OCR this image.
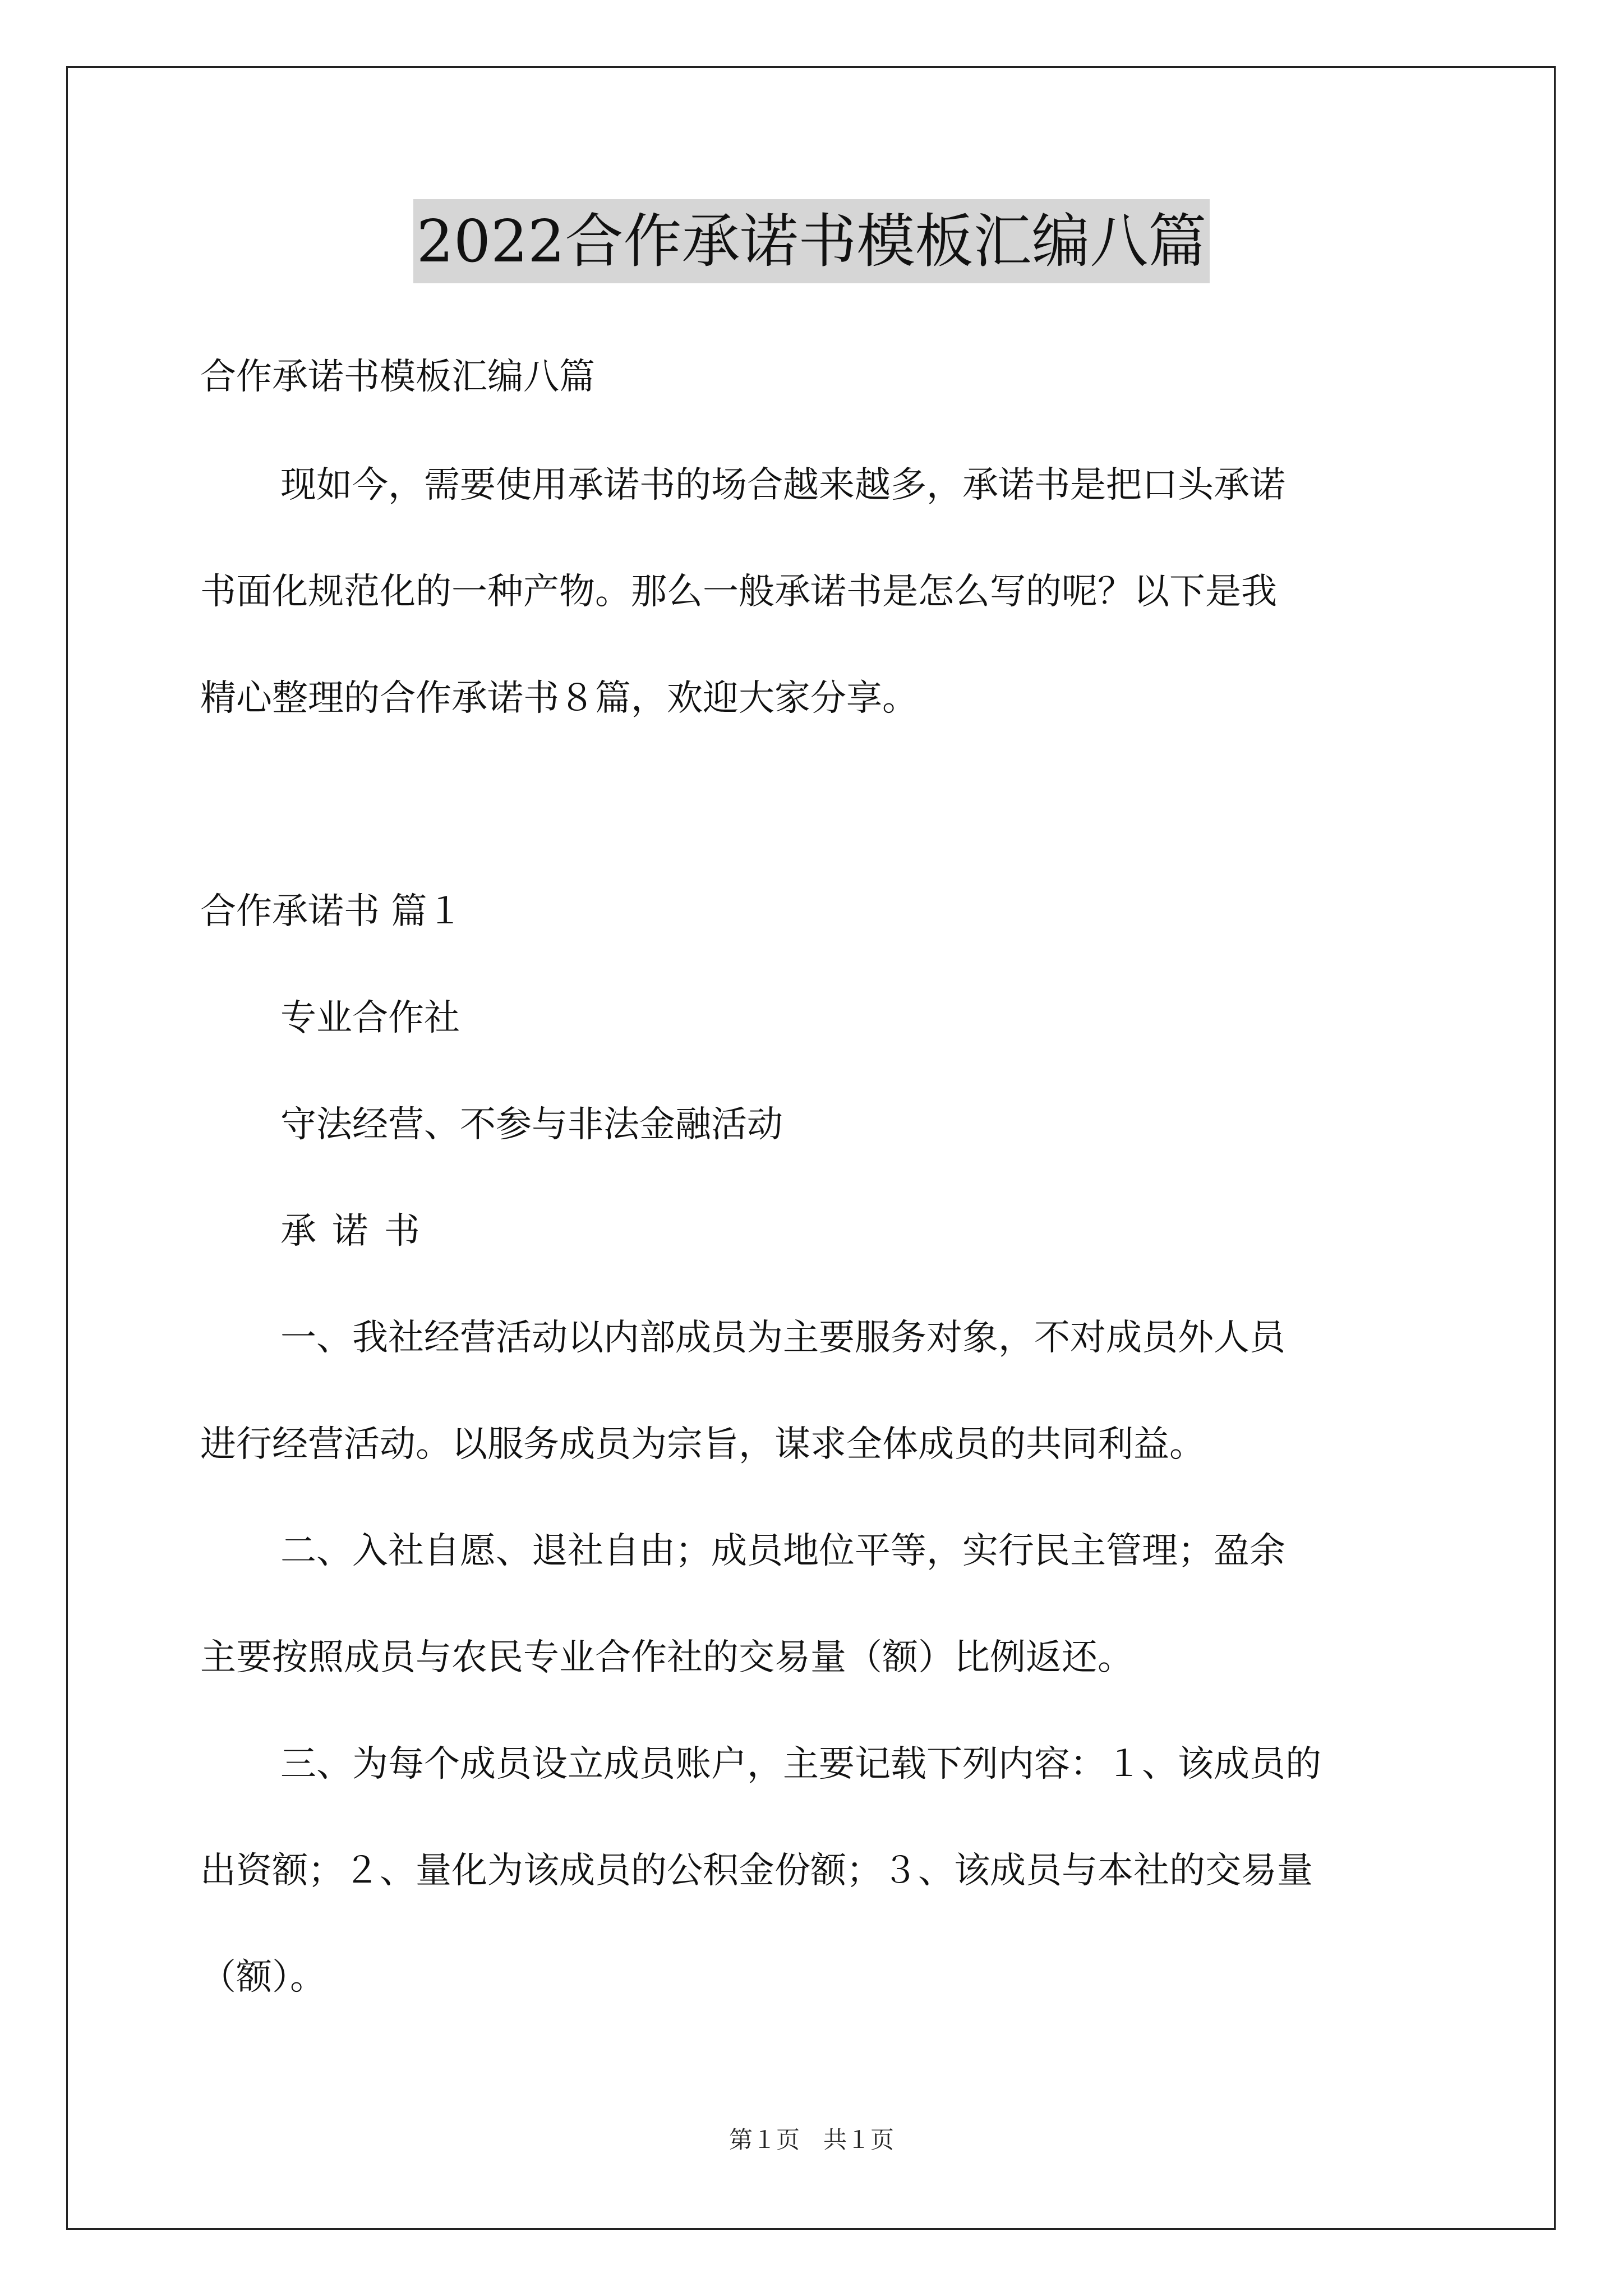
2022合作承诺书模板汇编八篇
合作承诺书模板汇编八篇
现如今，需要使用承诺书的场合越来越多，承诺书是把口头承诺
书面化规范化的一种产物。那么一般承诺书是怎么写的呢？以下是我
精心整理的合作承诺书８篇，欢迎大家分享。
合作承诺书 篇１
专业合作社
守法经营、不参与非法金融活动
承 诺 书
一、我社经营活动以内部成员为主要服务对象，不对成员外人员
进行经营活动。以服务成员为宗旨，谋求全体成员的共同利益。
二、入社自愿、退社自由；成员地位平等，实行民主管理；盈余
主要按照成员与农民专业合作社的交易量（额）比例返还。
三、为每个成员设立成员账户，主要记载下列内容：１、该成员的
出资额；２、量化为该成员的公积金份额；３、该成员与本社的交易量
（额）。
第１页　共１页
